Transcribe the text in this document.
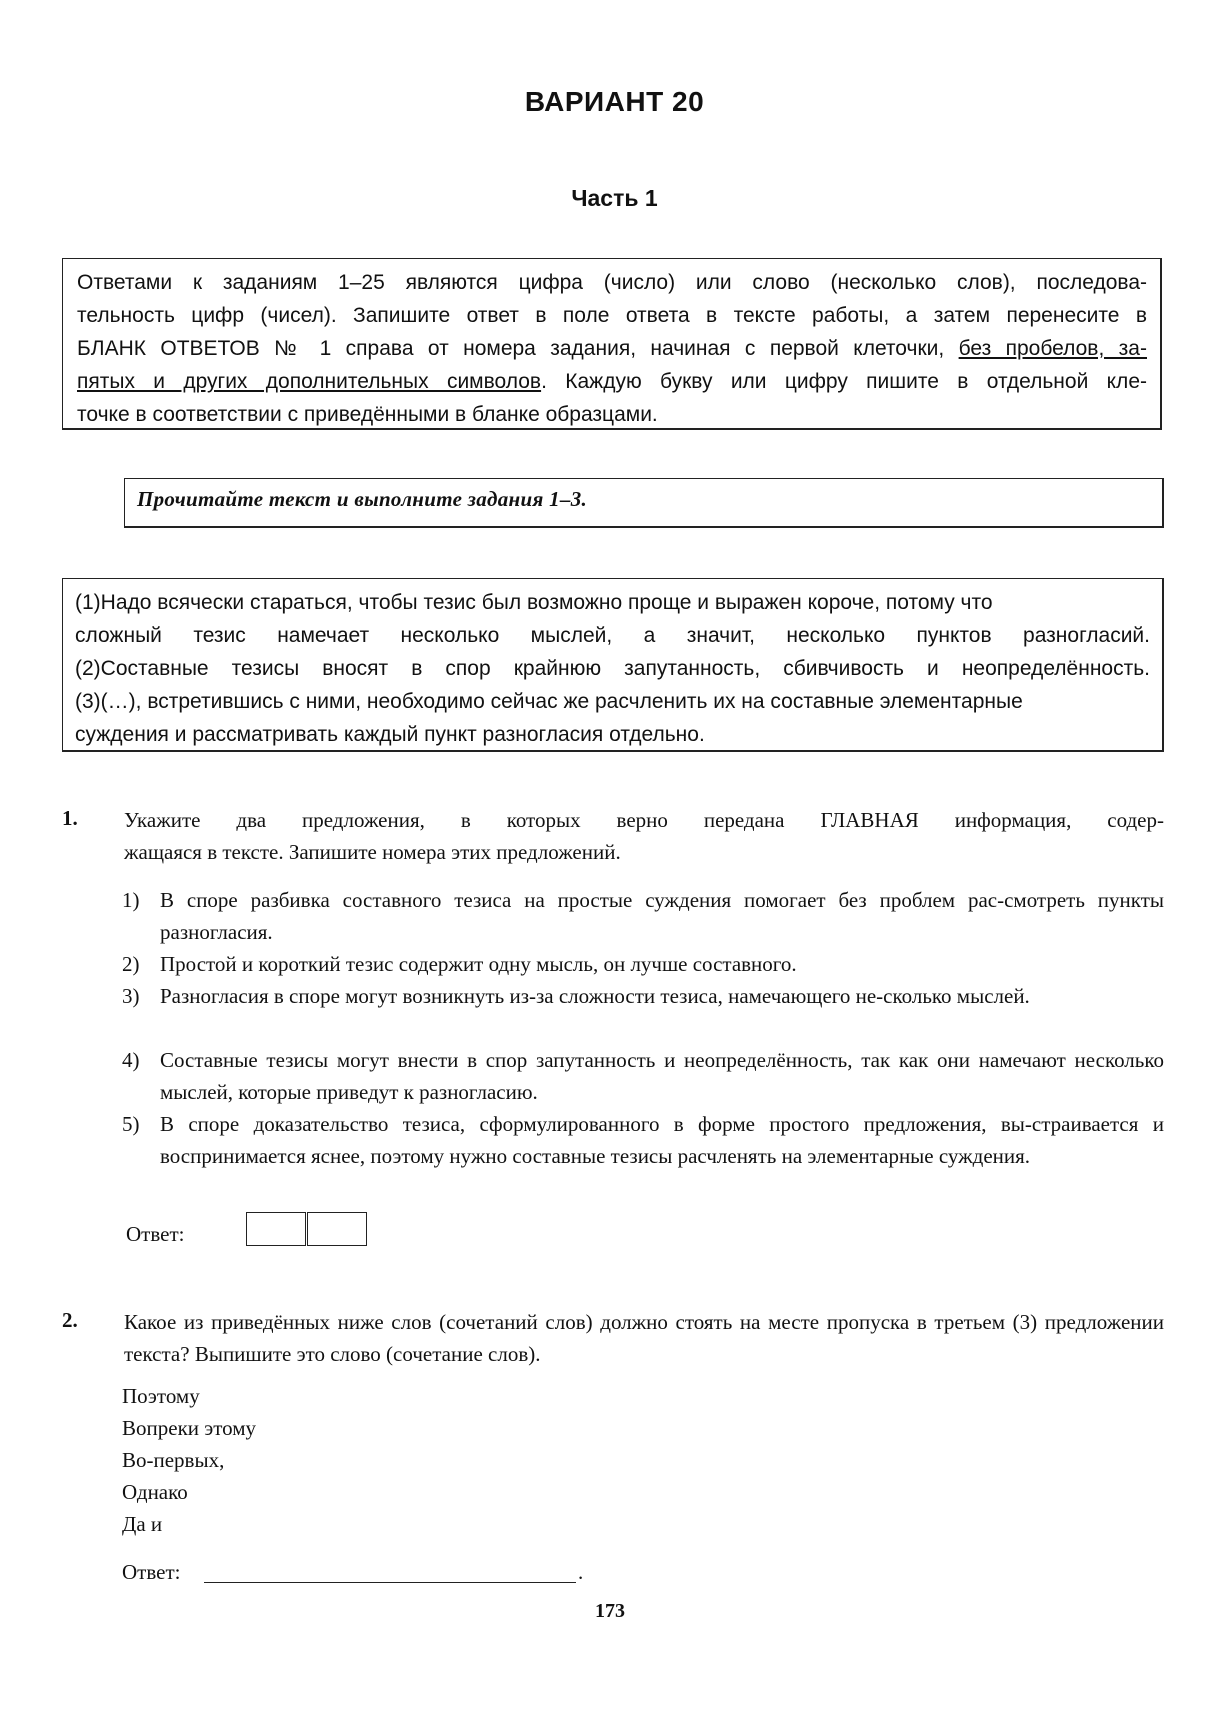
ВАРИАНТ 20
Часть 1
Ответами к заданиям 1–25 являются цифра (число) или слово (несколько слов), последова-
тельность цифр (чисел). Запишите ответ в поле ответа в тексте работы, а затем перенесите в
БЛАНК ОТВЕТОВ № 1 справа от номера задания, начиная с первой клеточки, без пробелов, за-
пятых и других дополнительных символов. Каждую букву или цифру пишите в отдельной кле-
точке в соответствии с приведёнными в бланке образцами.
Прочитайте текст и выполните задания 1–3.
(1)Надо всячески стараться, чтобы тезис был возможно проще и выражен короче, потому что
сложный тезис намечает несколько мыслей, а значит, несколько пунктов разногласий.
(2)Составные тезисы вносят в спор крайнюю запутанность, сбивчивость и неопределённость.
(3)(…), встретившись с ними, необходимо сейчас же расчленить их на составные элементарные
суждения и рассматривать каждый пункт разногласия отдельно.
1. Укажите два предложения, в которых верно передана ГЛАВНАЯ информация, содер-
жащаяся в тексте. Запишите номера этих предложений.
1) В споре разбивка составного тезиса на простые суждения помогает без проблем рас-смотреть пункты разногласия.
2) Простой и короткий тезис содержит одну мысль, он лучше составного.
3) Разногласия в споре могут возникнуть из-за сложности тезиса, намечающего не-сколько мыслей.
4) Составные тезисы могут внести в спор запутанность и неопределённость, так как они намечают несколько мыслей, которые приведут к разногласию.
5) В споре доказательство тезиса, сформулированного в форме простого предложения, вы-страивается и воспринимается яснее, поэтому нужно составные тезисы расчленять на элементарные суждения.
Ответ:
2. Какое из приведённых ниже слов (сочетаний слов) должно стоять на месте пропуска в третьем (3) предложении текста? Выпишите это слово (сочетание слов).
Поэтому
Вопреки этому
Во-первых,
Однако
Да и
Ответ:	.
173
